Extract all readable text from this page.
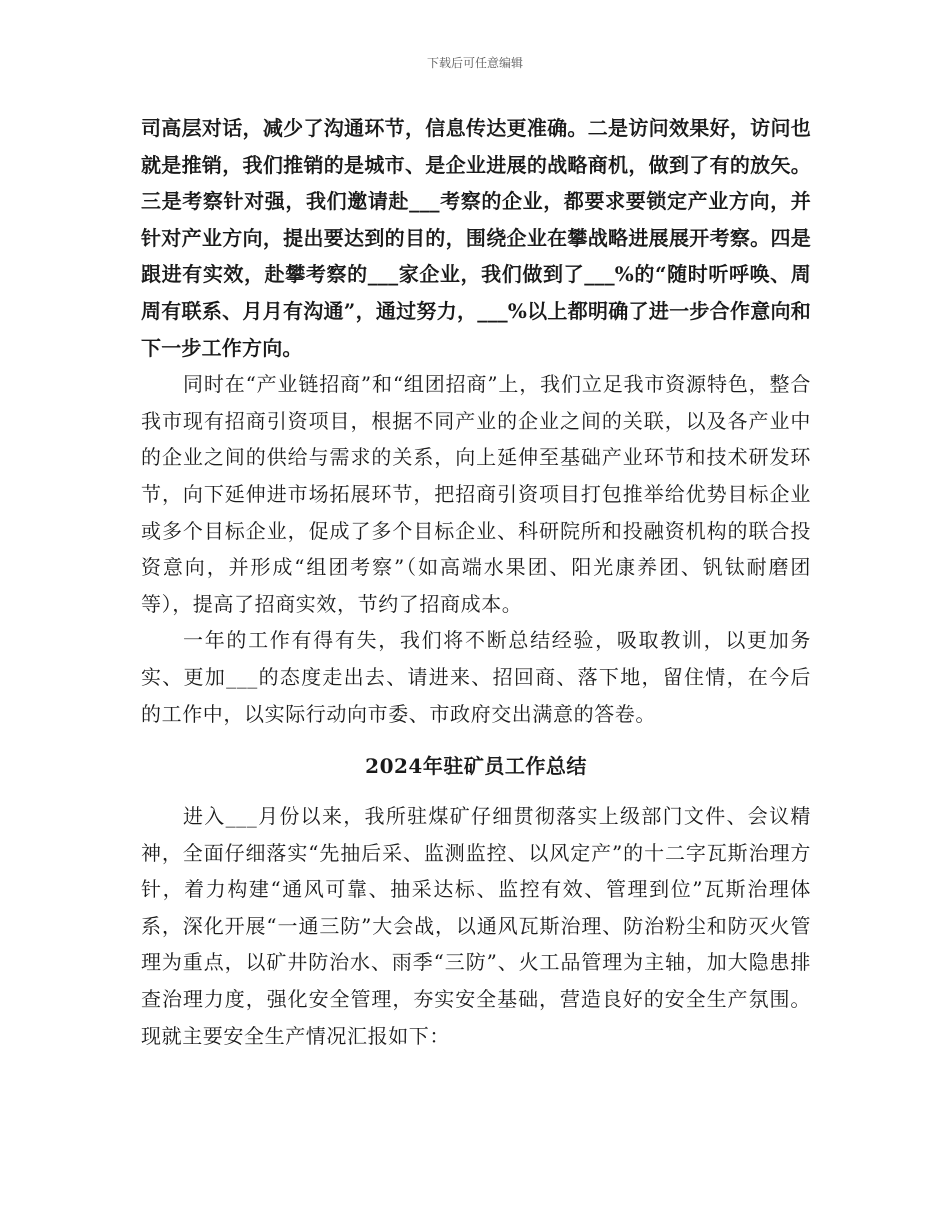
下载后可任意编辑

司高层对话，减少了沟通环节，信息传达更准确。二是访问效果好，访问也就是推销，我们推销的是城市、是企业进展的战略商机，做到了有的放矢。三是考察针对强，我们邀请赴___考察的企业，都要求要锁定产业方向，并针对产业方向，提出要达到的目的，围绕企业在攀战略进展展开考察。四是跟进有实效，赴攀考察的___家企业，我们做到了___%的“随时听呼唤、周周有联系、月月有沟通”，通过努力，___%以上都明确了进一步合作意向和下一步工作方向。

同时在“产业链招商”和“组团招商”上，我们立足我市资源特色，整合我市现有招商引资项目，根据不同产业的企业之间的关联，以及各产业中的企业之间的供给与需求的关系，向上延伸至基础产业环节和技术研发环节，向下延伸进市场拓展环节，把招商引资项目打包推举给优势目标企业或多个目标企业，促成了多个目标企业、科研院所和投融资机构的联合投资意向，并形成“组团考察”（如高端水果团、阳光康养团、钒钛耐磨团等），提高了招商实效，节约了招商成本。

一年的工作有得有失，我们将不断总结经验，吸取教训，以更加务实、更加___的态度走出去、请进来、招回商、落下地，留住情，在今后的工作中，以实际行动向市委、市政府交出满意的答卷。

2024年驻矿员工作总结

进入___月份以来，我所驻煤矿仔细贯彻落实上级部门文件、会议精神，全面仔细落实“先抽后采、监测监控、以风定产”的十二字瓦斯治理方针，着力构建“通风可靠、抽采达标、监控有效、管理到位”瓦斯治理体系，深化开展“一通三防”大会战，以通风瓦斯治理、防治粉尘和防灭火管理为重点，以矿井防治水、雨季“三防”、火工品管理为主轴，加大隐患排查治理力度，强化安全管理，夯实安全基础，营造良好的安全生产氛围。现就主要安全生产情况汇报如下：
